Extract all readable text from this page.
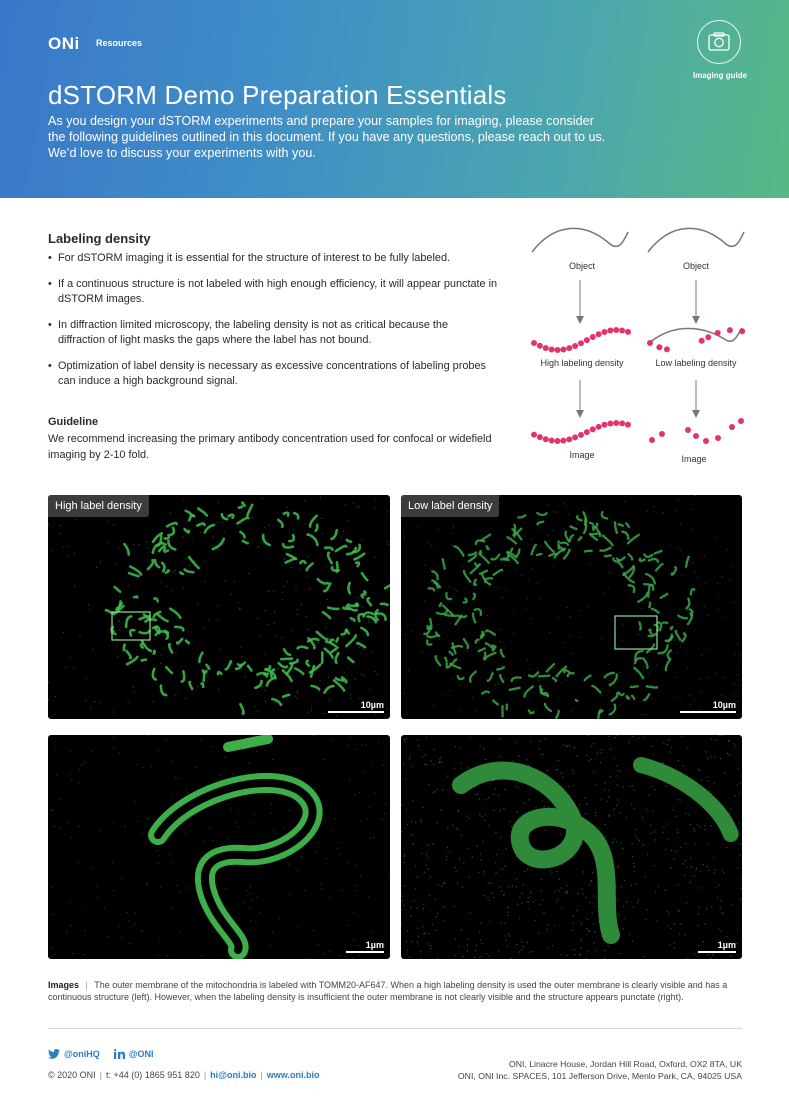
ONi Resources
Imaging guide
dSTORM Demo Preparation Essentials

As you design your dSTORM experiments and prepare your samples for imaging, please consider the following guidelines outlined in this document. If you have any questions, please reach out to us. We’d love to discuss your experiments with you.

Labeling density
• For dSTORM imaging it is essential for the structure of interest to be fully labeled.
• If a continuous structure is not labeled with high enough efficiency, it will appear punctate in dSTORM images.
• In diffraction limited microscopy, the labeling density is not as critical because the diffraction of light masks the gaps where the label has not bound.
• Optimization of label density is necessary as excessive concentrations of labeling probes can induce a high background signal.
Guideline
We recommend increasing the primary antibody concentration used for confocal or widefield imaging by 2-10 fold.
Object	Object
High labeling density	Low labeling density
Image	Image
High label density
10µm
Low label density
10µm
1µm	1µm
Images | The outer membrane of the mitochondria is labeled with TOMM20-AF647. When a high labeling density is used the outer membrane is clearly visible and has a continuous structure (left). However, when the labeling density is insufficient the outer membrane is not clearly visible and the structure appears punctate (right).
@oniHQ	@ONI
© 2020 ONI | t: +44 (0) 1865 951 820 | hi@oni.bio | www.oni.bio
ONI, Linacre House, Jordan Hill Road, Oxford, OX2 8TA, UK
ONI, ONI Inc. SPACES, 101 Jefferson Drive, Menlo Park, CA, 94025 USA
